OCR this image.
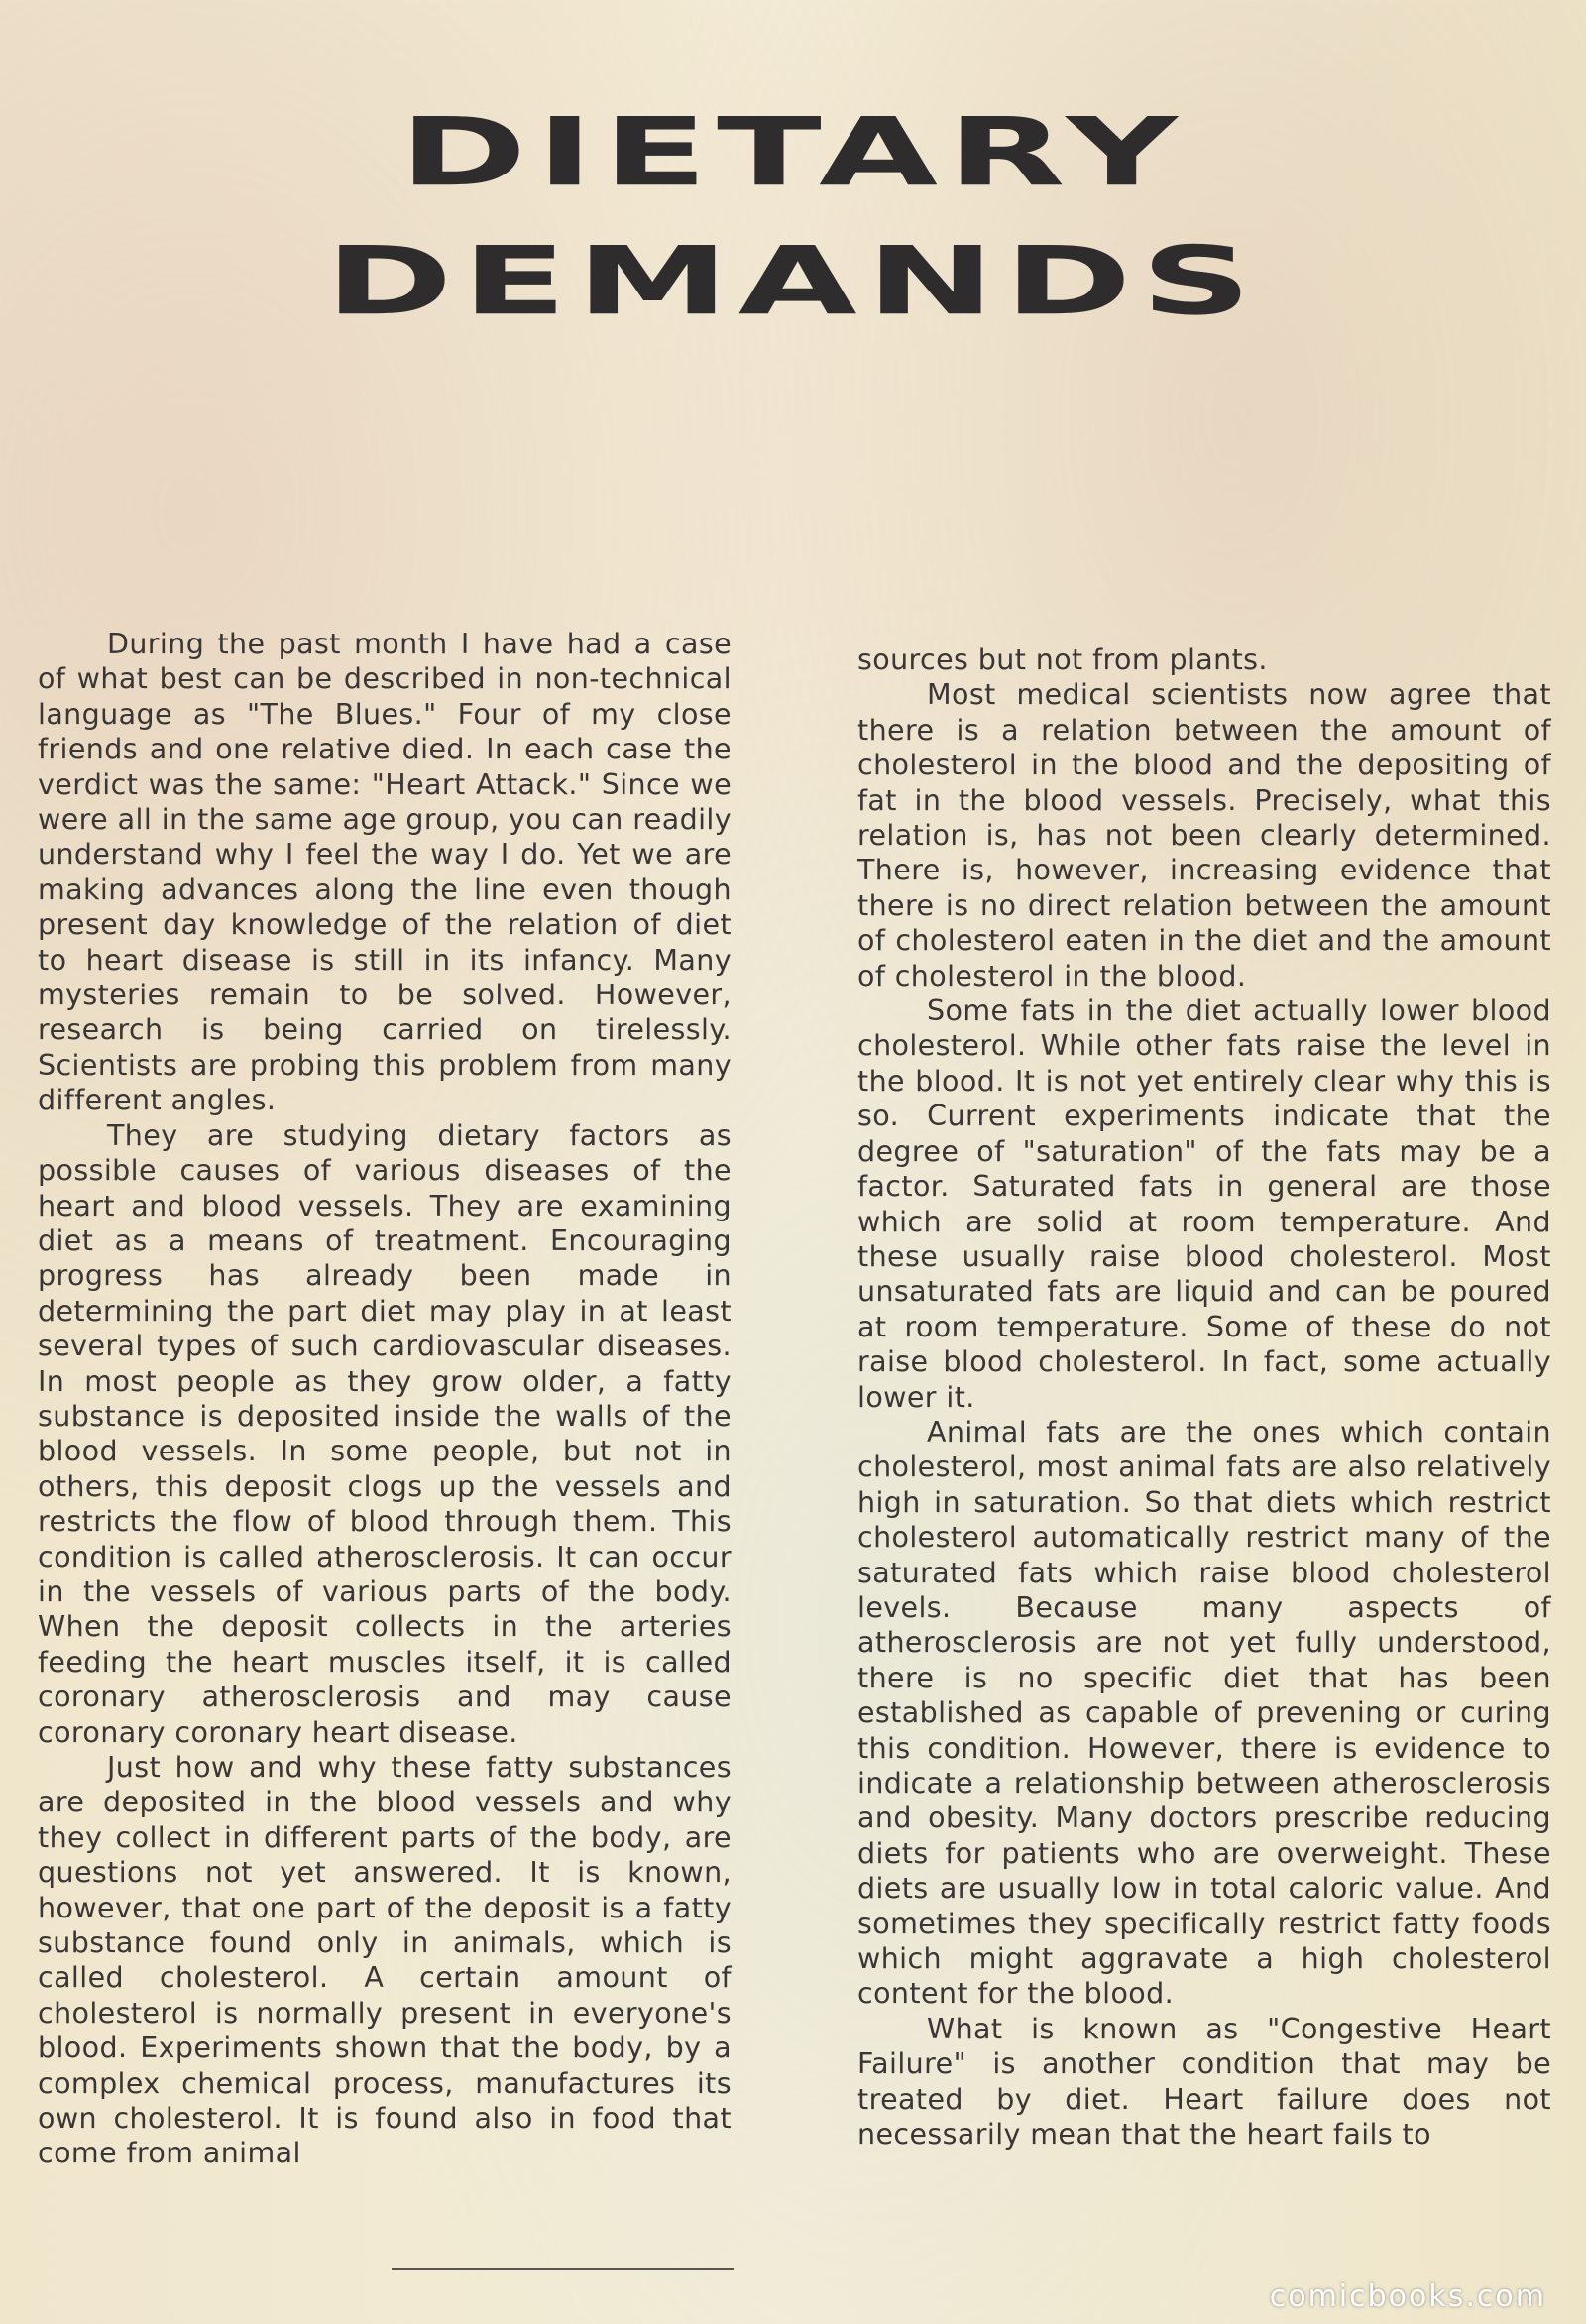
DIETARY
DEMANDS

During the past month I have had a case of what best can be described in non-technical language as "The Blues." Four of my close friends and one relative died. In each case the verdict was the same: "Heart Attack." Since we were all in the same age group, you can readily understand why I feel the way I do. Yet we are making advances along the line even though present day knowledge of the relation of diet to heart disease is still in its infancy. Many mysteries remain to be solved. However, research is being carried on tirelessly. Scientists are probing this problem from many different angles.

They are studying dietary factors as possible causes of various diseases of the heart and blood vessels. They are examining diet as a means of treatment. Encouraging progress has already been made in determining the part diet may play in at least several types of such cardiovascular diseases. In most people as they grow older, a fatty substance is deposited inside the walls of the blood vessels. In some people, but not in others, this deposit clogs up the vessels and restricts the flow of blood through them. This condition is called atherosclerosis. It can occur in the vessels of various parts of the body. When the deposit collects in the arteries feeding the heart muscles itself, it is called coronary atherosclerosis and may cause coronary coronary heart disease.

Just how and why these fatty substances are deposited in the blood vessels and why they collect in different parts of the body, are questions not yet answered. It is known, however, that one part of the deposit is a fatty substance found only in animals, which is called cholesterol. A certain amount of cholesterol is normally present in everyone's blood. Experiments shown that the body, by a complex chemical process, manufactures its own cholesterol. It is found also in food that come from animal

sources but not from plants.

Most medical scientists now agree that there is a relation between the amount of cholesterol in the blood and the depositing of fat in the blood vessels. Precisely, what this relation is, has not been clearly determined. There is, however, increasing evidence that there is no direct relation between the amount of cholesterol eaten in the diet and the amount of cholesterol in the blood.

Some fats in the diet actually lower blood cholesterol. While other fats raise the level in the blood. It is not yet entirely clear why this is so. Current experiments indicate that the degree of "saturation" of the fats may be a factor. Saturated fats in general are those which are solid at room temperature. And these usually raise blood cholesterol. Most unsaturated fats are liquid and can be poured at room temperature. Some of these do not raise blood cholesterol. In fact, some actually lower it.

Animal fats are the ones which contain cholesterol, most animal fats are also relatively high in saturation. So that diets which restrict cholesterol automatically restrict many of the saturated fats which raise blood cholesterol levels. Because many aspects of atherosclerosis are not yet fully understood, there is no specific diet that has been established as capable of prevening or curing this condition. However, there is evidence to indicate a relationship between atherosclerosis and obesity. Many doctors prescribe reducing diets for patients who are overweight. These diets are usually low in total caloric value. And sometimes they specifically restrict fatty foods which might aggravate a high cholesterol content for the blood.

What is known as "Congestive Heart Failure" is another condition that may be treated by diet. Heart failure does not necessarily mean that the heart fails to

comicbooks.com
